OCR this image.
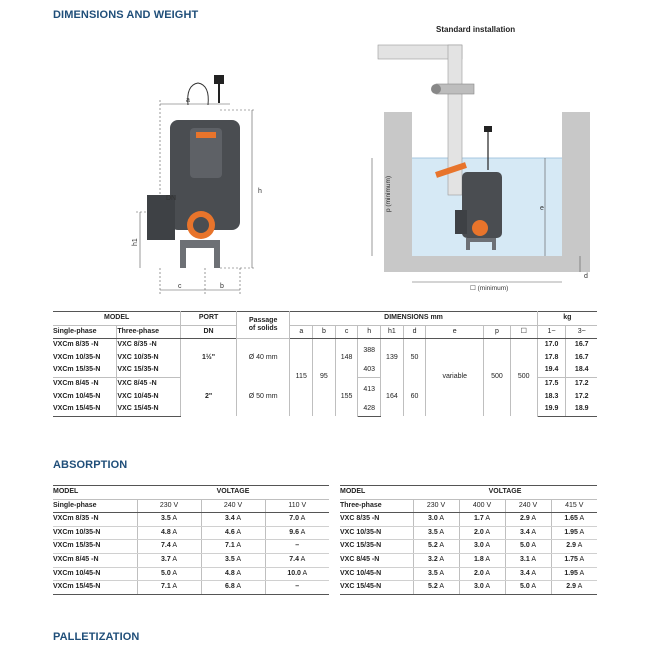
DIMENSIONS AND WEIGHT
ABSORPTION
PALLETIZATION
a
DN
h
h1
c	b
Standard installation
p (minimum)	e
d
☐ (minimum)
MODEL		PORT	Passage
of solids	DIMENSIONS mm									kg	
Single-phase	Three-phase	DN		a	b	c	h	h1	d	e	p	☐	1~	3~
VXCm 8/35 -N	VXC 8/35 -N	1½"	Ø 40 mm	115	95	148	388	139	50	variable	500	500	17.0	16.7
VXCm 10/35-N	VXC 10/35-N												17.8	16.7
VXCm 15/35-N	VXC 15/35-N						403						19.4	18.4
VXCm 8/45 -N	VXC 8/45 -N	2"	Ø 50 mm			155	413	164	60				17.5	17.2
VXCm 10/45-N	VXC 10/45-N												18.3	17.2
VXCm 15/45-N	VXC 15/45-N						428						19.9	18.9
MODEL	VOLTAGE		
Single-phase	230 V	240 V	110 V
VXCm 8/35 -N	3.5 A	3.4 A	7.0 A
VXCm 10/35-N	4.8 A	4.6 A	9.6 A
VXCm 15/35-N	7.4 A	7.1 A	–
VXCm 8/45 -N	3.7 A	3.5 A	7.4 A
VXCm 10/45-N	5.0 A	4.8 A	10.0 A
VXCm 15/45-N	7.1 A	6.8 A	–
MODEL	VOLTAGE			
Three-phase	230 V	400 V	240 V	415 V
VXC 8/35 -N	3.0 A	1.7 A	2.9 A	1.65 A
VXC 10/35-N	3.5 A	2.0 A	3.4 A	1.95 A
VXC 15/35-N	5.2 A	3.0 A	5.0 A	2.9 A
VXC 8/45 -N	3.2 A	1.8 A	3.1 A	1.75 A
VXC 10/45-N	3.5 A	2.0 A	3.4 A	1.95 A
VXC 15/45-N	5.2 A	3.0 A	5.0 A	2.9 A
